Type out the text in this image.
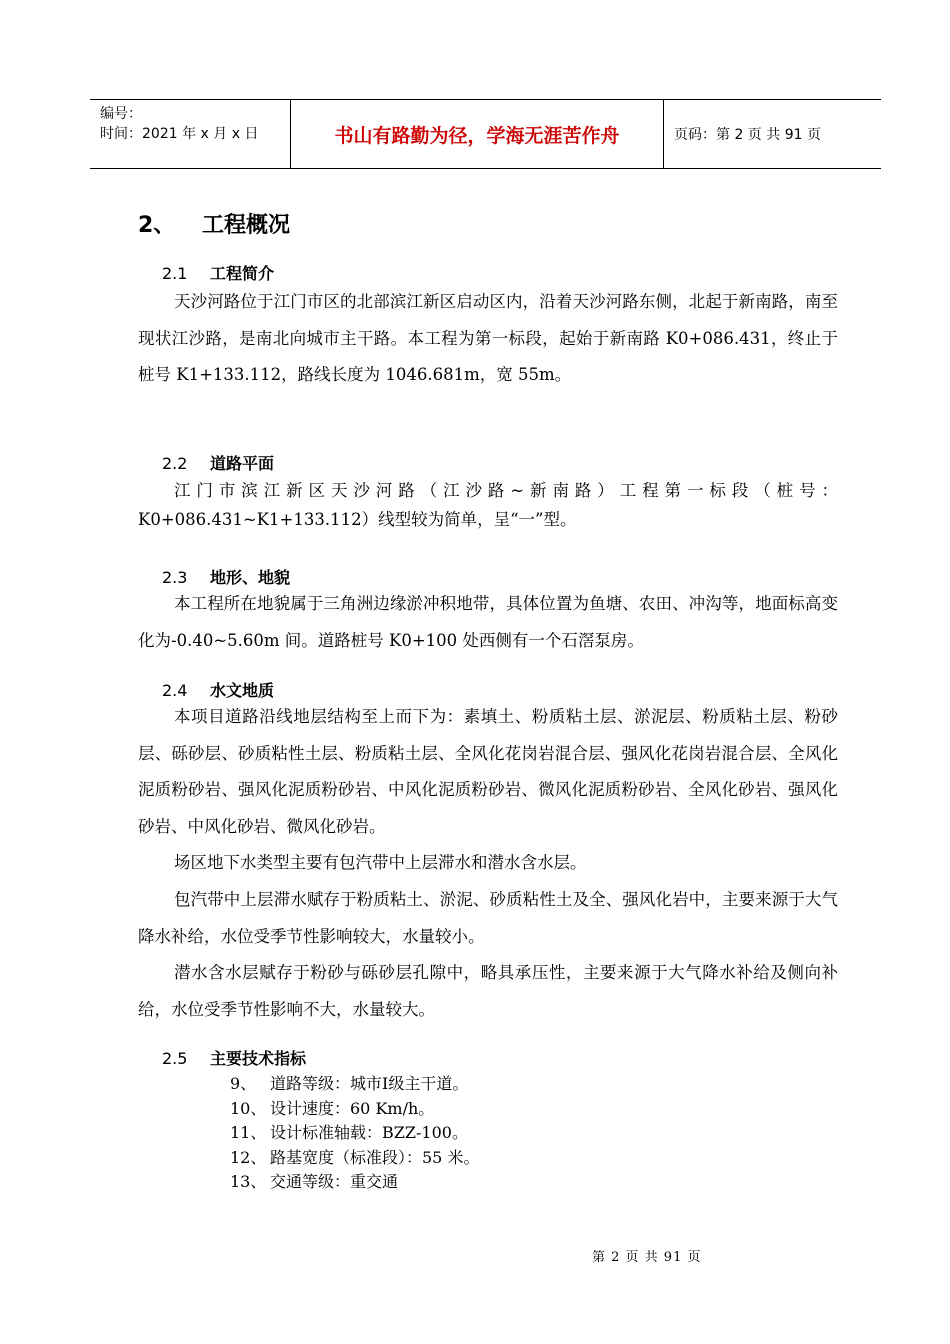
编号：
时间：2021 年 x 月 x 日	书山有路勤为径，学海无涯苦作舟	页码：第 2 页 共 91 页
2、 工程概况
2.1 工程简介
天沙河路位于江门市区的北部滨江新区启动区内，沿着天沙河路东侧，北起于新南路，南至现状江沙路，是南北向城市主干路。本工程为第一标段，起始于新南路 K0+086.431，终止于桩号 K1+133.112，路线长度为 1046.681m，宽 55m。
2.2 道路平面
江门市滨江新区天沙河路（江沙路~新南路）工程第一标段（桩号：K0+086.431~K1+133.112）线型较为简单，呈“一”型。
2.3 地形、地貌
本工程所在地貌属于三角洲边缘淤冲积地带，具体位置为鱼塘、农田、冲沟等，地面标高变化为-0.40~5.60m 间。道路桩号 K0+100 处西侧有一个石滘泵房。
2.4 水文地质
本项目道路沿线地层结构至上而下为：素填土、粉质粘土层、淤泥层、粉质粘土层、粉砂层、砾砂层、砂质粘性土层、粉质粘土层、全风化花岗岩混合层、强风化花岗岩混合层、全风化泥质粉砂岩、强风化泥质粉砂岩、中风化泥质粉砂岩、微风化泥质粉砂岩、全风化砂岩、强风化砂岩、中风化砂岩、微风化砂岩。
场区地下水类型主要有包汽带中上层滞水和潜水含水层。
包汽带中上层滞水赋存于粉质粘土、淤泥、砂质粘性土及全、强风化岩中，主要来源于大气降水补给，水位受季节性影响较大，水量较小。
潜水含水层赋存于粉砂与砾砂层孔隙中，略具承压性，主要来源于大气降水补给及侧向补给，水位受季节性影响不大，水量较大。
2.5 主要技术指标
9、 道路等级：城市Ⅰ级主干道。
10、 设计速度：60 Km/h。
11、 设计标准轴载：BZZ-100。
12、 路基宽度（标准段）：55 米。
13、 交通等级：重交通
第 2 页 共 91 页
